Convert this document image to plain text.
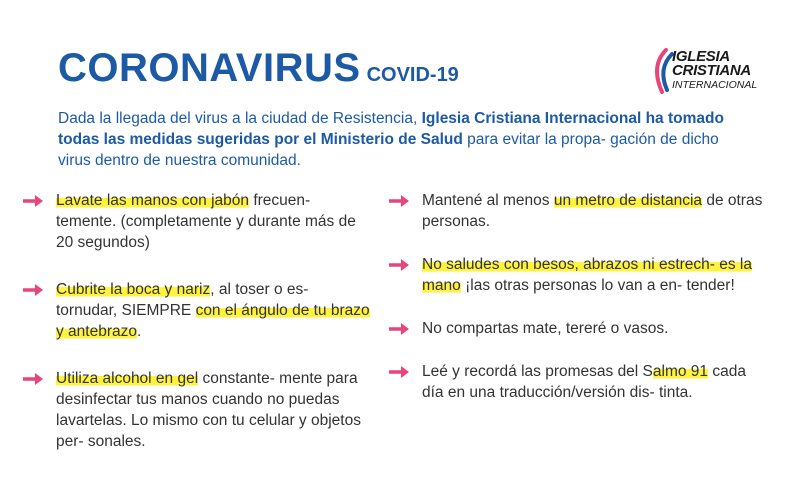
CORONAVIRUS COVID-19
IGLESIA
CRISTIANA
INTERNACIONAL
Dada la llegada del virus a la ciudad de Resistencia, Iglesia Cristiana Internacional ha tomado todas las medidas sugeridas por el Ministerio de Salud para evitar la propa- gación de dicho virus dentro de nuestra comunidad.
Lavate las manos con jabón frecuen- temente. (completamente y durante más de 20 segundos)
Cubrite la boca y nariz, al toser o es- tornudar, SIEMPRE con el ángulo de tu brazo y antebrazo.
Utiliza alcohol en gel constante- mente para desinfectar tus manos cuando no puedas lavartelas. Lo mismo con tu celular y objetos per- sonales.
Mantené al menos un metro de distancia de otras personas.
No saludes con besos, abrazos ni estrech- es la mano ¡las otras personas lo van a en- tender!
No compartas mate, tereré o vasos.
Leé y recordá las promesas del Salmo 91 cada día en una traducción/versión dis- tinta.
